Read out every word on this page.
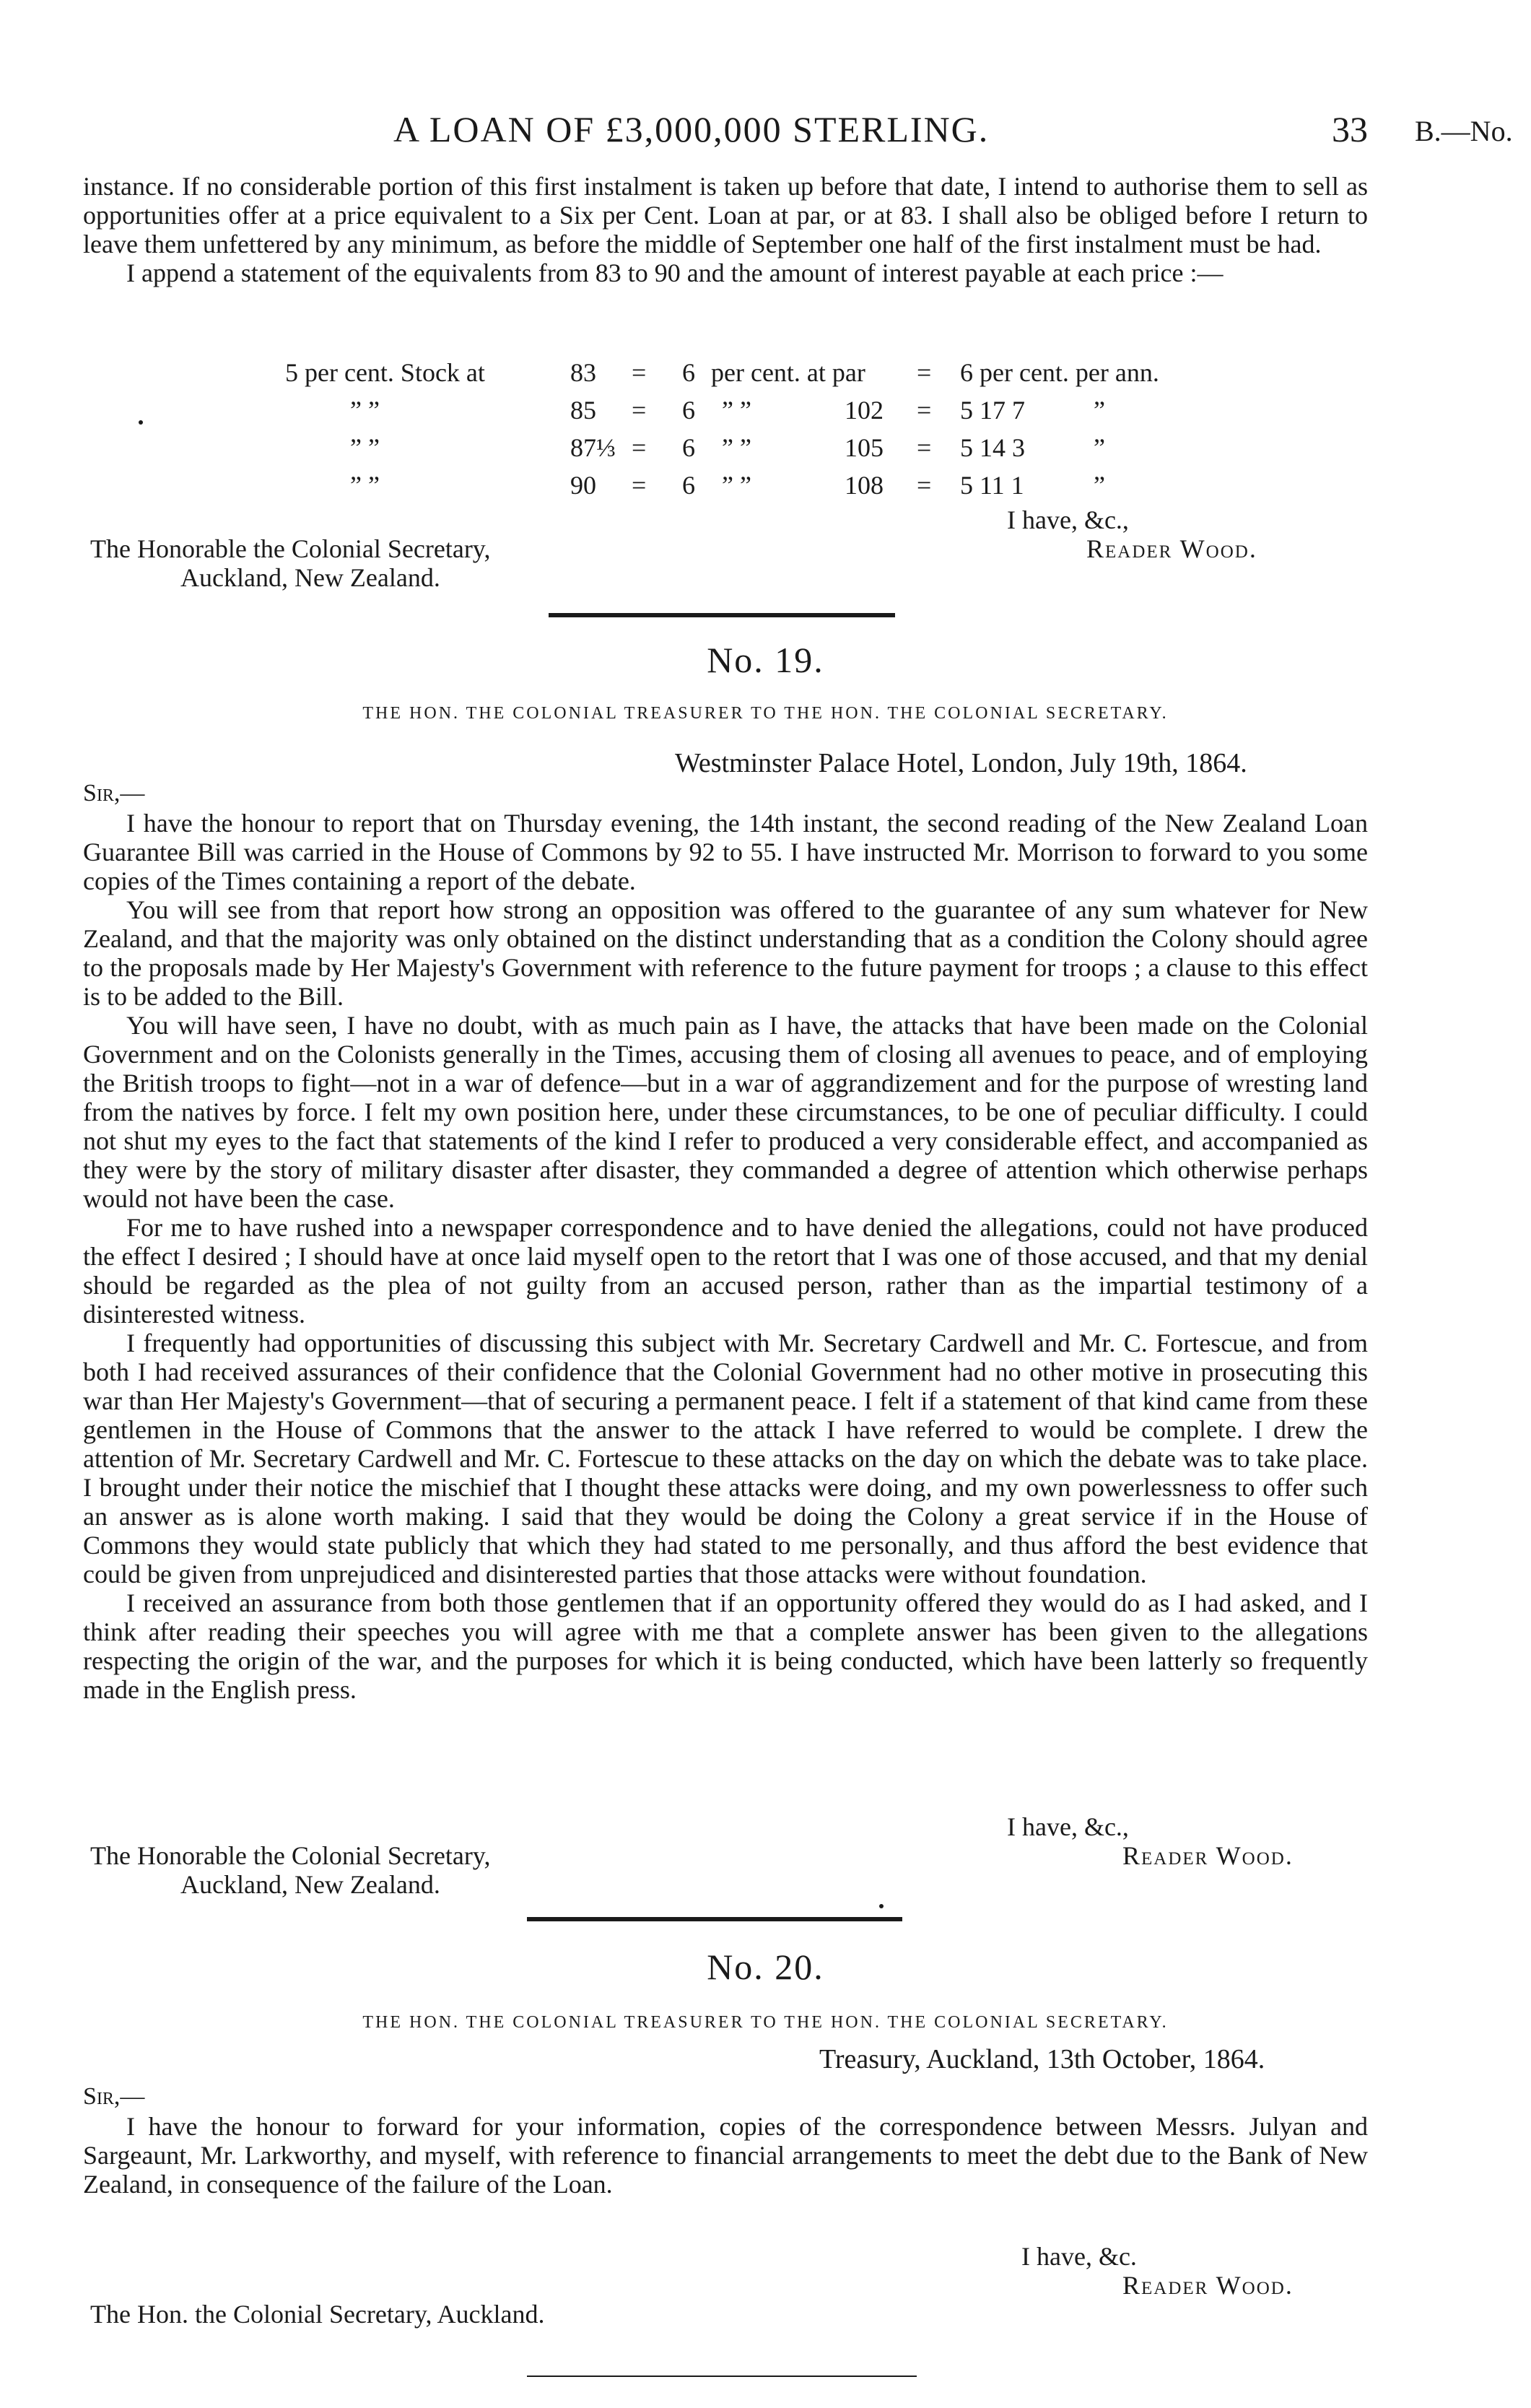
A LOAN OF £3,000,000 STERLING.	33 B.—No.

instance. If no considerable portion of this first instalment is taken up before that date, I intend to authorise them to sell as opportunities offer at a price equivalent to a Six per Cent. Loan at par, or at 83. I shall also be obliged before I return to leave them unfettered by any minimum, as before the middle of September one half of the first instalment must be had.

I append a statement of the equivalents from 83 to 90 and the amount of interest payable at each price :—

5 per cent. Stock at	83 = 6 per cent. at par = 6 per cent. per ann.
” ”	85 = 6 ” ”	102 = 5 17 7	”
” ”	87⅓ = 6 ” ”	105 = 5 14 3	”
” ”	90 = 6 ” ”	108 = 5 11 1	”
I have, &c.,
The Honorable the Colonial Secretary,	Reader Wood.
Auckland, New Zealand.
No. 19.
THE HON. THE COLONIAL TREASURER TO THE HON. THE COLONIAL SECRETARY.
Westminster Palace Hotel, London, July 19th, 1864.
Sir,—

I have the honour to report that on Thursday evening, the 14th instant, the second reading of the New Zealand Loan Guarantee Bill was carried in the House of Commons by 92 to 55. I have instructed Mr. Morrison to forward to you some copies of the Times containing a report of the debate.

You will see from that report how strong an opposition was offered to the guarantee of any sum whatever for New Zealand, and that the majority was only obtained on the distinct understanding that as a condition the Colony should agree to the proposals made by Her Majesty's Government with reference to the future payment for troops ; a clause to this effect is to be added to the Bill.

You will have seen, I have no doubt, with as much pain as I have, the attacks that have been made on the Colonial Government and on the Colonists generally in the Times, accusing them of closing all avenues to peace, and of employing the British troops to fight—not in a war of defence—but in a war of aggrandizement and for the purpose of wresting land from the natives by force. I felt my own position here, under these circumstances, to be one of peculiar difficulty. I could not shut my eyes to the fact that statements of the kind I refer to produced a very considerable effect, and accompanied as they were by the story of military disaster after disaster, they commanded a degree of attention which otherwise perhaps would not have been the case.

For me to have rushed into a newspaper correspondence and to have denied the allegations, could not have produced the effect I desired ; I should have at once laid myself open to the retort that I was one of those accused, and that my denial should be regarded as the plea of not guilty from an accused person, rather than as the impartial testimony of a disinterested witness.

I frequently had opportunities of discussing this subject with Mr. Secretary Cardwell and Mr. C. Fortescue, and from both I had received assurances of their confidence that the Colonial Government had no other motive in prosecuting this war than Her Majesty's Government—that of securing a permanent peace. I felt if a statement of that kind came from these gentlemen in the House of Commons that the answer to the attack I have referred to would be complete. I drew the attention of Mr. Secretary Cardwell and Mr. C. Fortescue to these attacks on the day on which the debate was to take place. I brought under their notice the mischief that I thought these attacks were doing, and my own powerlessness to offer such an answer as is alone worth making. I said that they would be doing the Colony a great service if in the House of Commons they would state publicly that which they had stated to me personally, and thus afford the best evidence that could be given from unprejudiced and disinterested parties that those attacks were without foundation.

I received an assurance from both those gentlemen that if an opportunity offered they would do as I had asked, and I think after reading their speeches you will agree with me that a complete answer has been given to the allegations respecting the origin of the war, and the purposes for which it is being conducted, which have been latterly so frequently made in the English press.

I have, &c.,
The Honorable the Colonial Secretary,	Reader Wood.
Auckland, New Zealand.
No. 20.
THE HON. THE COLONIAL TREASURER TO THE HON. THE COLONIAL SECRETARY.
Treasury, Auckland, 13th October, 1864.
Sir,—

I have the honour to forward for your information, copies of the correspondence between Messrs. Julyan and Sargeaunt, Mr. Larkworthy, and myself, with reference to financial arrangements to meet the debt due to the Bank of New Zealand, in consequence of the failure of the Loan.

I have, &c.
Reader Wood.
The Hon. the Colonial Secretary, Auckland.
